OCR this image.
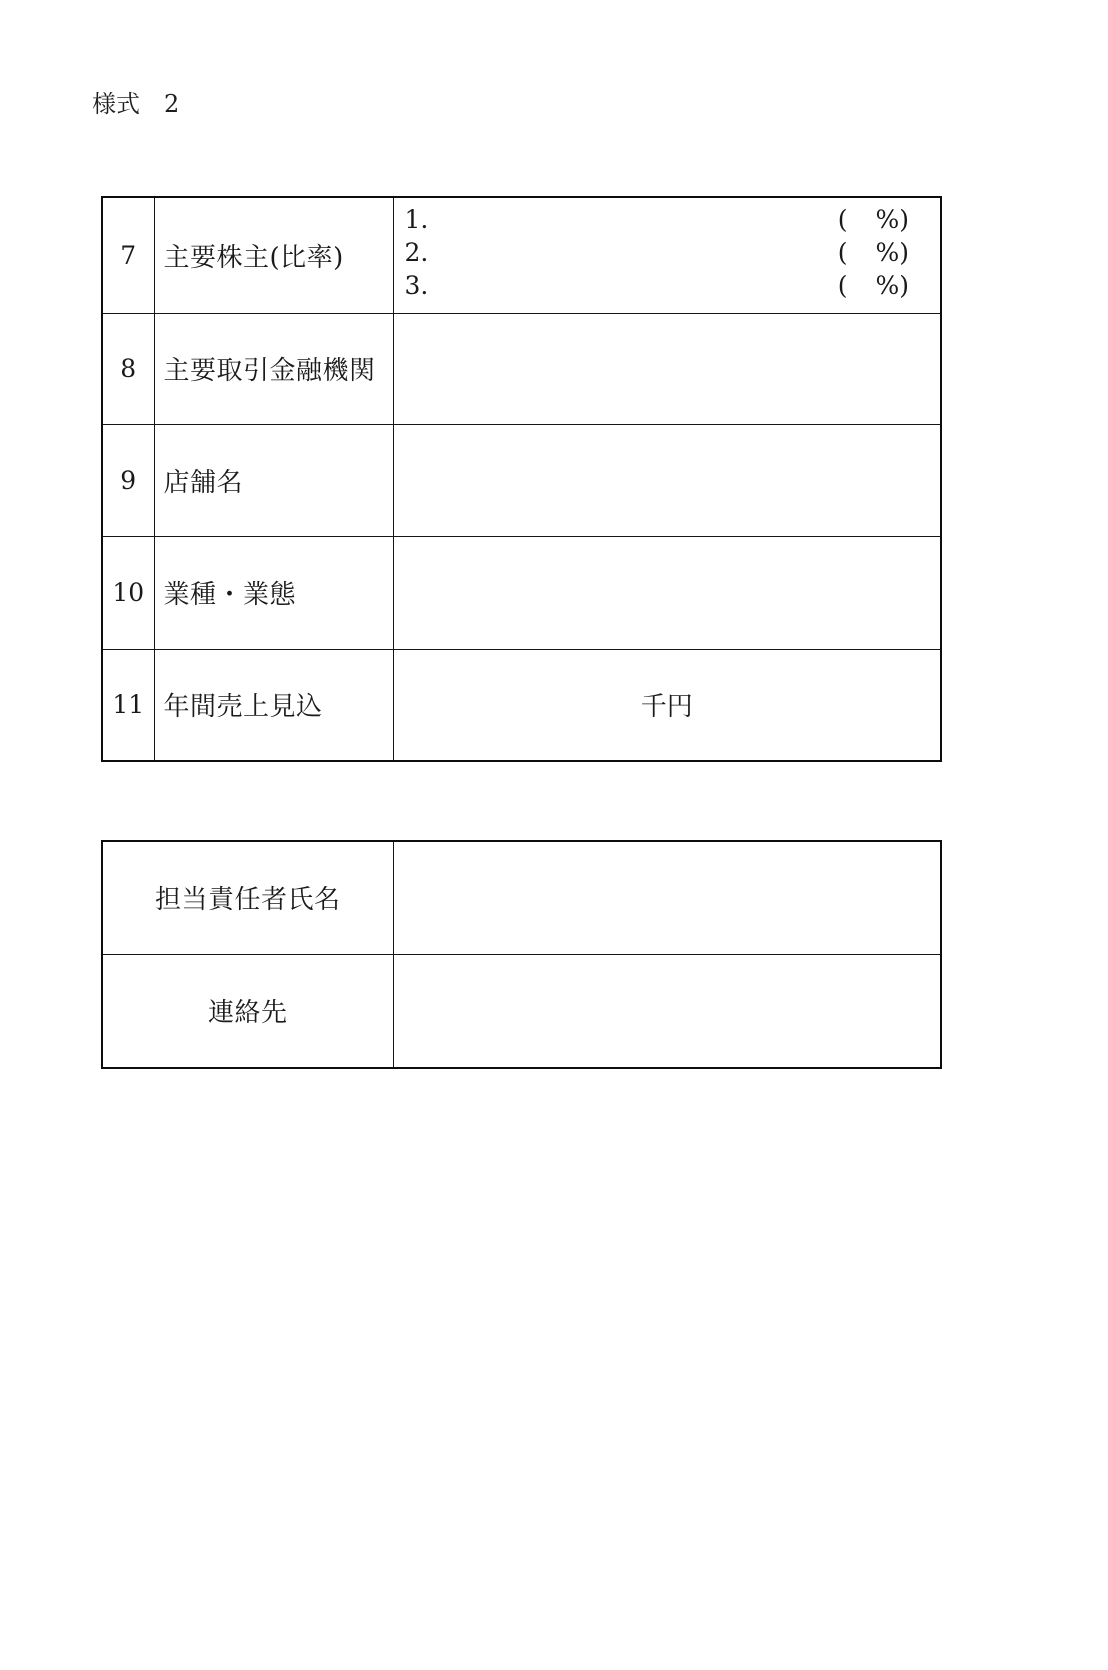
様式　2
7	主要株主(比率)	
1.	( %)
2.	( %)
3.	( %)

8	主要取引金融機関	
9	店舗名	
10	業種・業態	
11	年間売上見込	千円
担当責任者氏名	
連絡先	
